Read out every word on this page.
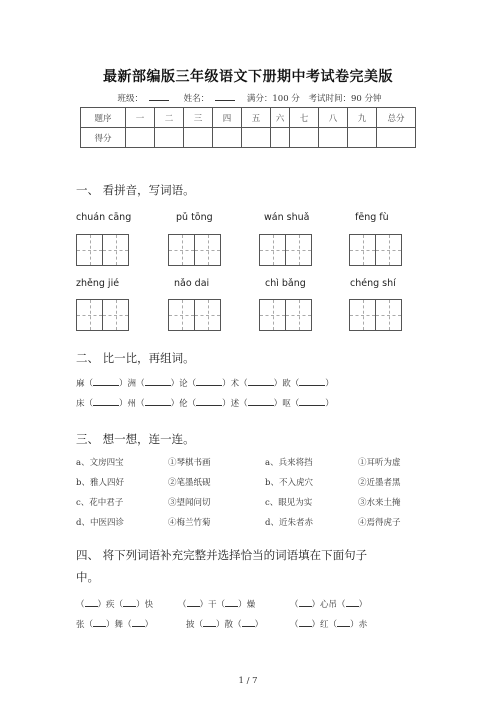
最新部编版三年级语文下册期中考试卷完美版
班级：	姓名：	满分：100 分 考试时间：90 分钟
题序	一	二	三	四	五	六	七	八	九	总分
得分										
一、 看拼音，写词语。
chuán cāng	pǔ tōng	wán shuǎ	fēng fù
zhěng jié	nǎo dai	chì bǎng	chéng shí
二、 比一比，再组词。
麻（	）洲（	）论（	）术（	）欧（	）
床（	）州（	）伦（	）述（	）呕（	）
三、 想一想，连一连。
a、文房四宝
b、雅人四好
c、花中君子
d、中医四诊
①琴棋书画
②笔墨纸砚
③望闻问切
④梅兰竹菊
a、兵来将挡
b、不入虎穴
c、眼见为实
d、近朱者赤
①耳听为虚
②近墨者黑
③水来土掩
④焉得虎子
四、 将下列词语补充完整并选择恰当的词语填在下面句子
中。
（ ）疾（ ）快	（ ）干（ ）燥	（ ）心吊（ ）
张（ ）舞（ ）	披（ ）散（ ）	（ ）红（ ）赤
1 / 7
